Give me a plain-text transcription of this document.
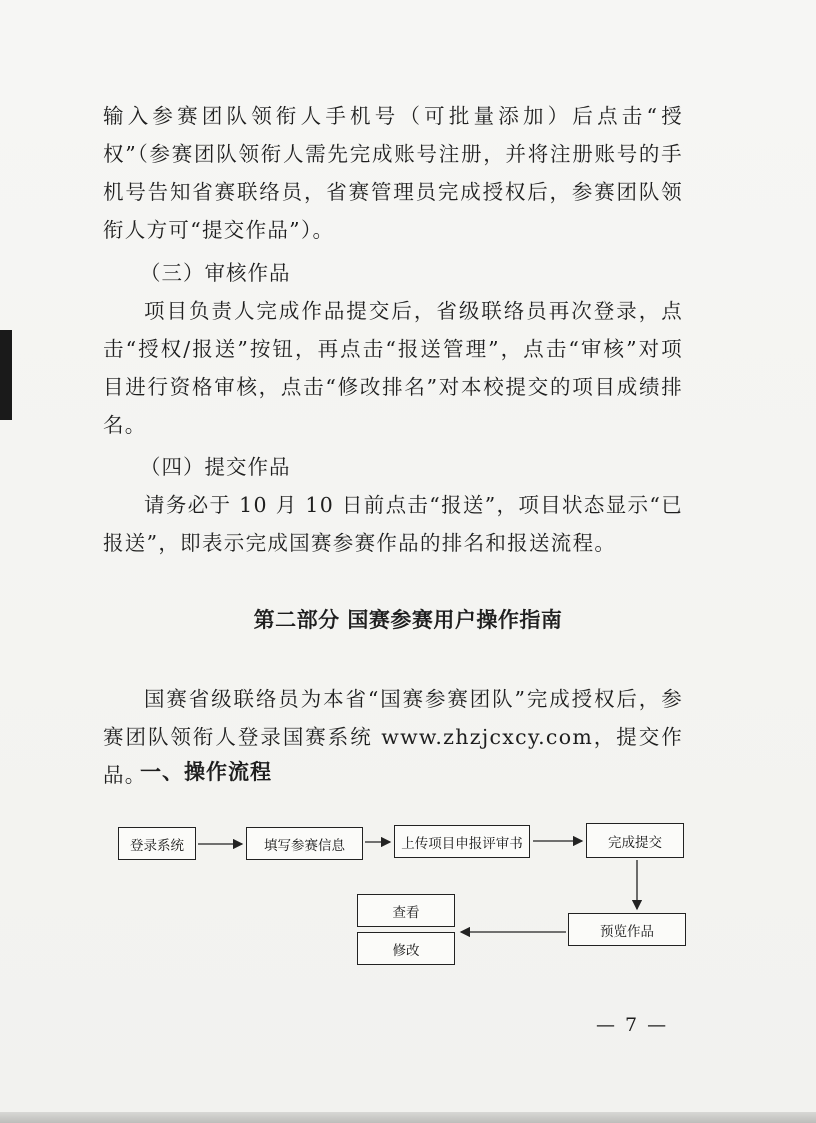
输入参赛团队领衔人手机号（可批量添加）后点击“授权”（参赛团队领衔人需先完成账号注册，并将注册账号的手机号告知省赛联络员，省赛管理员完成授权后，参赛团队领衔人方可“提交作品”）。

（三）审核作品

项目负责人完成作品提交后，省级联络员再次登录，点击“授权/报送”按钮，再点击“报送管理”，点击“审核”对项目进行资格审核，点击“修改排名”对本校提交的项目成绩排名。

（四）提交作品

请务必于 10 月 10 日前点击“报送”，项目状态显示“已报送”，即表示完成国赛参赛作品的排名和报送流程。

第二部分 国赛参赛用户操作指南

国赛省级联络员为本省“国赛参赛团队”完成授权后，参赛团队领衔人登录国赛系统 www.zhzjcxcy.com，提交作品。

一、操作流程

登录系统	填写参赛信息	上传项目申报评审书	完成提交
预览作品
查看
修改
— 7 —
